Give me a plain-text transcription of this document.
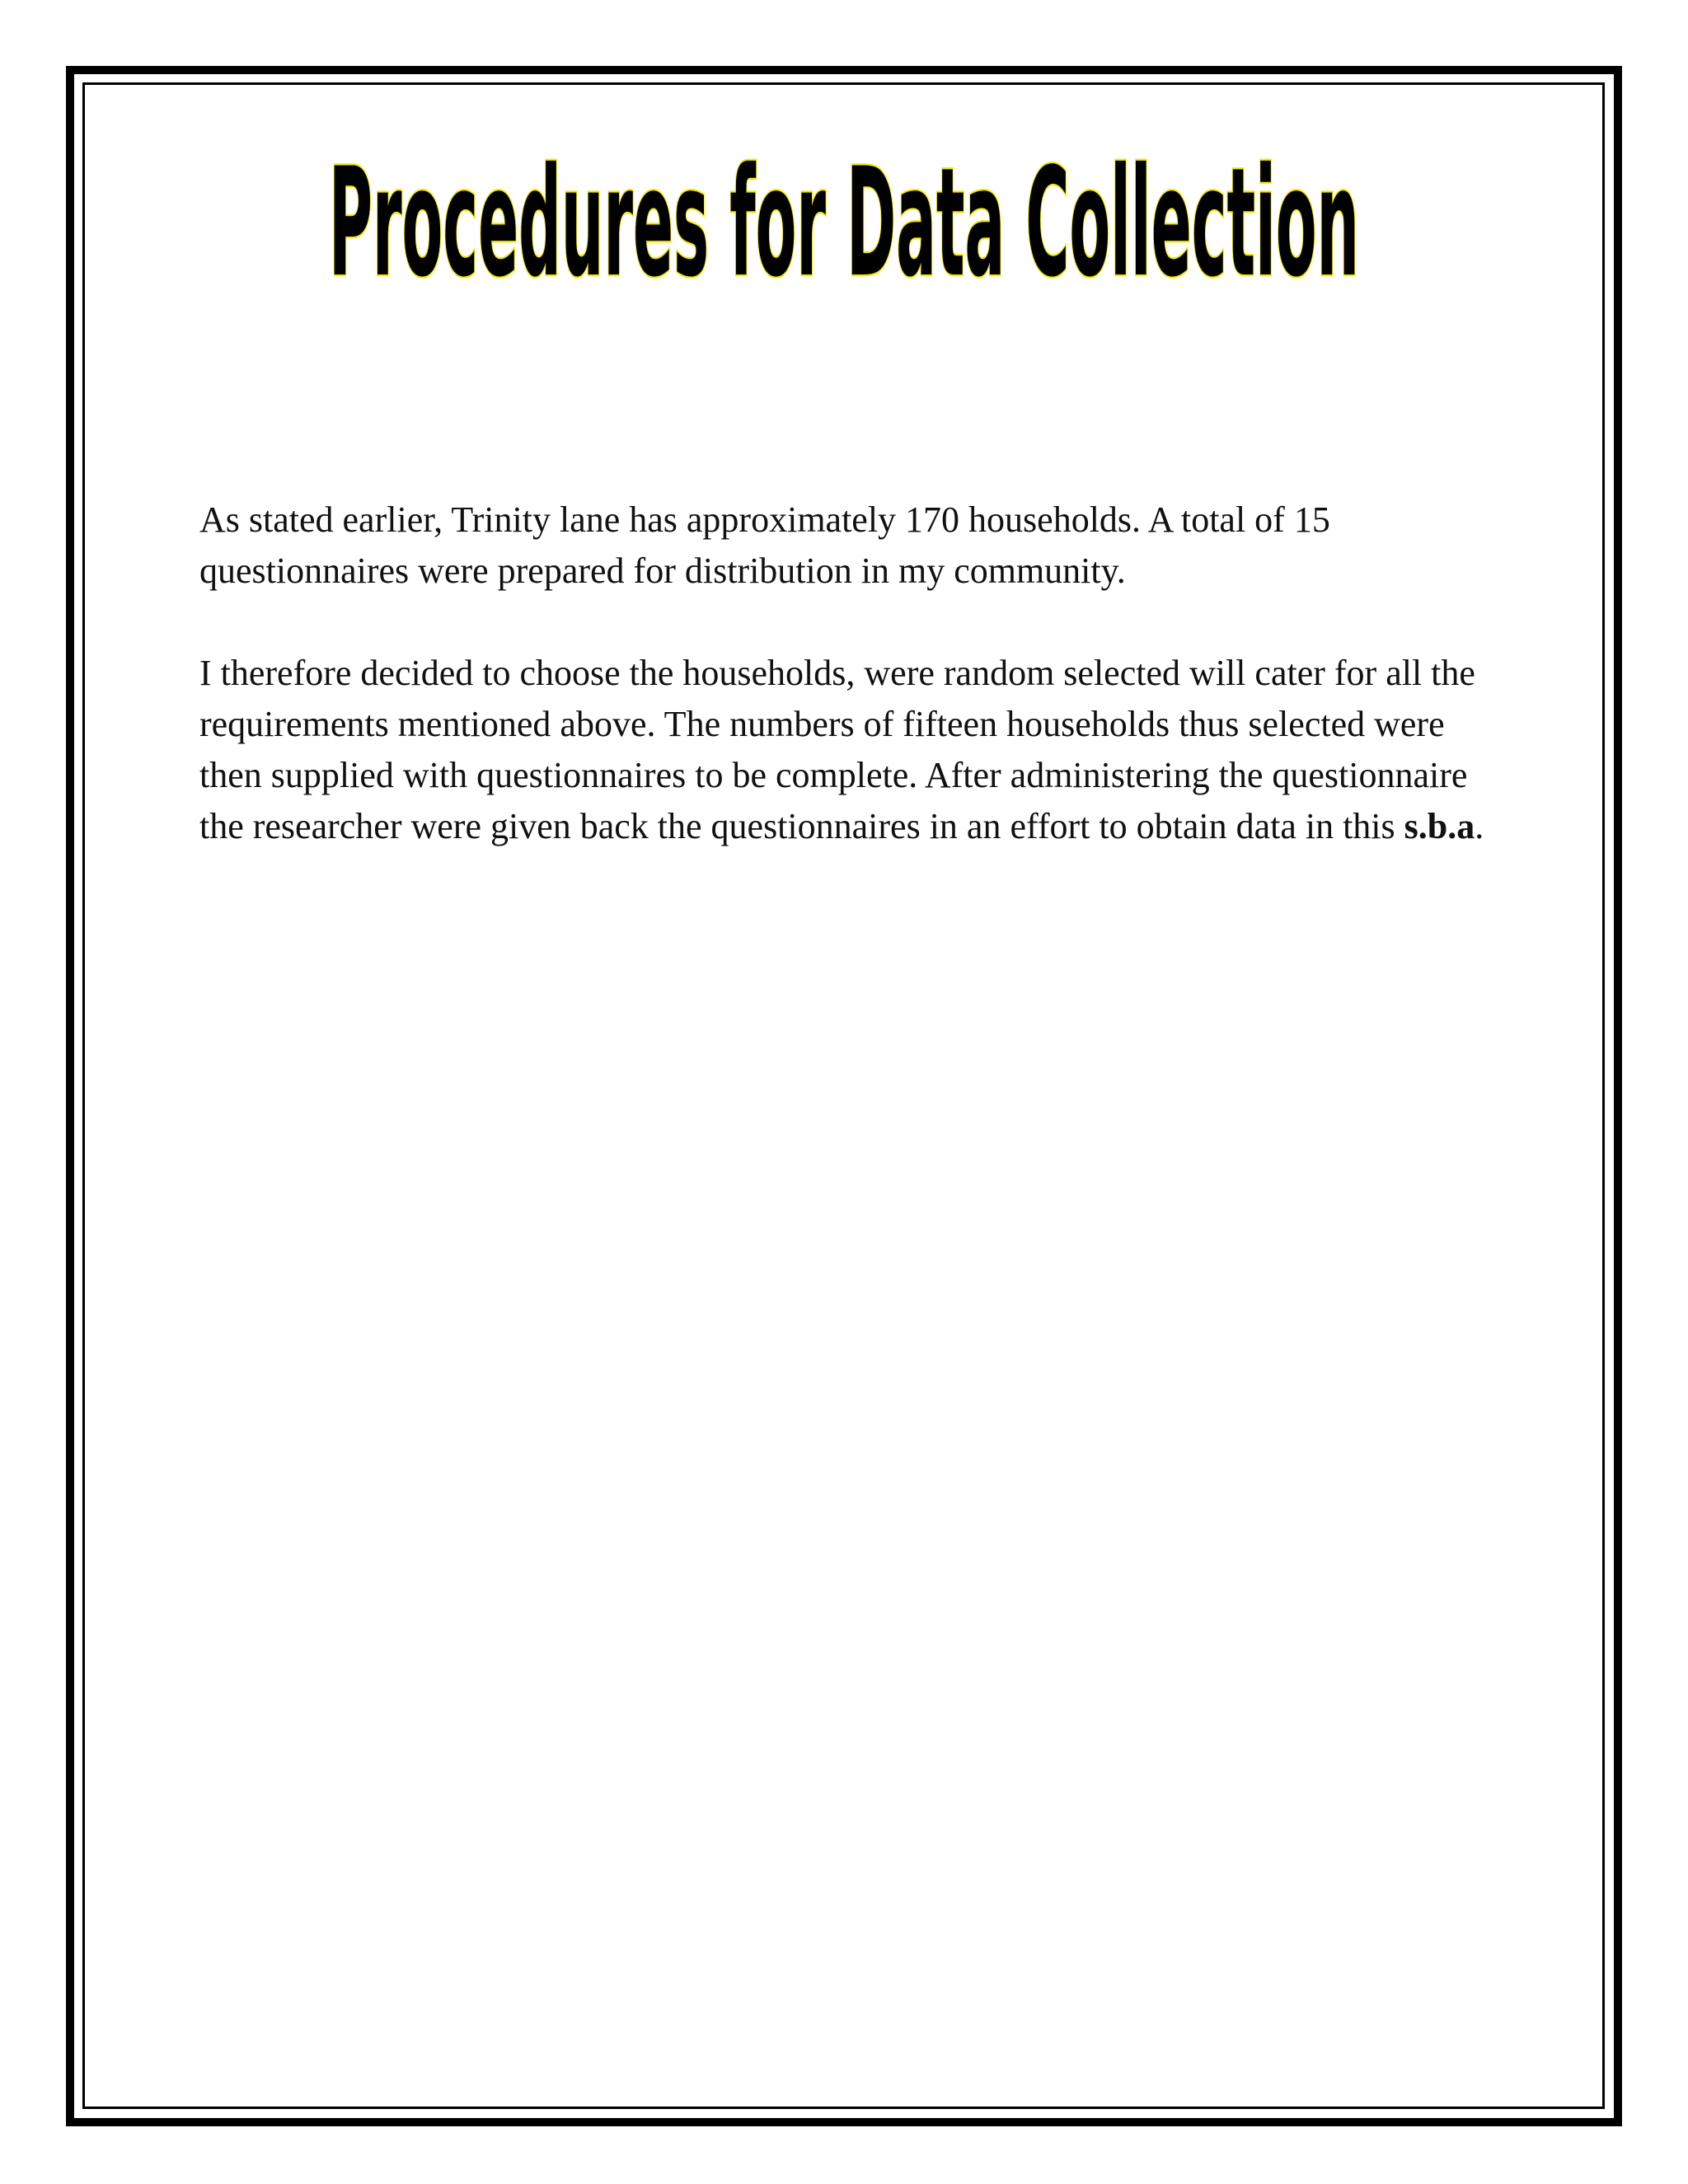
Procedures for Data Collection

As stated earlier, Trinity lane has approximately 170 households. A total of 15 questionnaires were prepared for distribution in my community.

I therefore decided to choose the households, were random selected will cater for all the requirements mentioned above. The numbers of fifteen households thus selected were then supplied with questionnaires to be complete. After administering the questionnaire the researcher were given back the questionnaires in an effort to obtain data in this s.b.a.
